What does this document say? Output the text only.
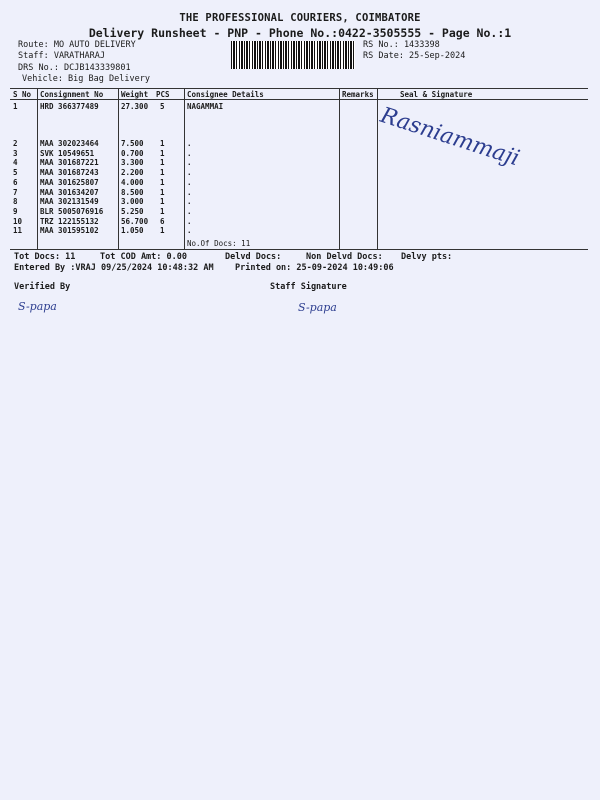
THE PROFESSIONAL COURIERS, COIMBATORE
Delivery Runsheet - PNP - Phone No.:0422-3505555 - Page No.:1
Route: MO AUTO DELIVERY
Staff: VARATHARAJ
DRS No.: DCJB143339801
Vehicle: Big Bag Delivery
RS No.: 1433398
RS Date: 25-Sep-2024
S No Consignment No Weight PCS Consignee Details	Remarks	Seal & Signature
1	HRD 366377489	27.300 5	NAGAMMAI
2	MAA 302023464	7.500 1	.
3	SVK 10549651	0.700 1	.
4	MAA 301687221	3.300 1	.
5	MAA 301687243	2.200 1	.
6	MAA 301625807	4.000 1	.
7	MAA 301634207	8.500 1	.
8	MAA 302131549	3.000 1	.
9	BLR 5005076916 5.250 1	.
10 TRZ 122155132	56.700 6	.
11 MAA 301595102	1.050 1	.
No.Of Docs: 11
Tot Docs: 11	Tot COD Amt: 0.00	Delvd Docs:	Non Delvd Docs: Delvy pts:
Entered By :VRAJ 09/25/2024 10:48:32 AM	Printed on: 25-09-2024 10:49:06
Verified By	Staff Signature
Rasniammaji
S-papa	S-papa
